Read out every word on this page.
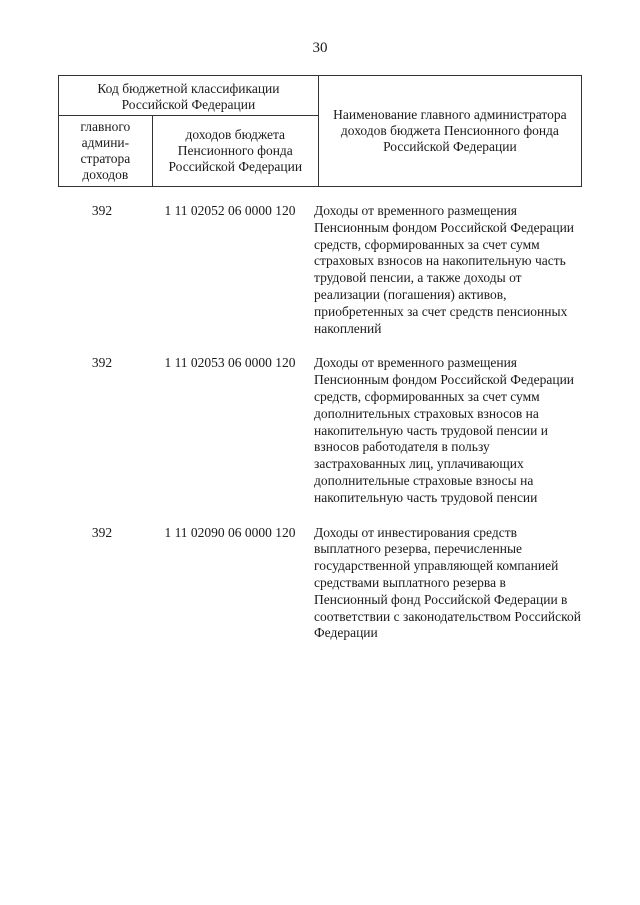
30
Код бюджетной классификации Российской Федерации		Наименование главного администратора доходов бюджета Пенсионного фонда Российской Федерации
главного админи-стратора доходов	доходов бюджета Пенсионного фонда Российской Федерации	
392	1 11 02052 06 0000 120	Доходы от временного размещения Пенсионным фондом Российской Федерации средств, сформированных за счет сумм страховых взносов на накопительную часть трудовой пенсии, а также доходы от реализации (погашения) активов, приобретенных за счет средств пенсионных накоплений
392	1 11 02053 06 0000 120	Доходы от временного размещения Пенсионным фондом Российской Федерации средств, сформированных за счет сумм дополнительных страховых взносов на накопительную часть трудовой пенсии и взносов работодателя в пользу застрахованных лиц, уплачивающих дополнительные страховые взносы на накопительную часть трудовой пенсии
392	1 11 02090 06 0000 120	Доходы от инвестирования средств выплатного резерва, перечисленные государственной управляющей компанией средствами выплатного резерва в Пенсионный фонд Российской Федерации в соответствии с законодательством Российской Федерации
